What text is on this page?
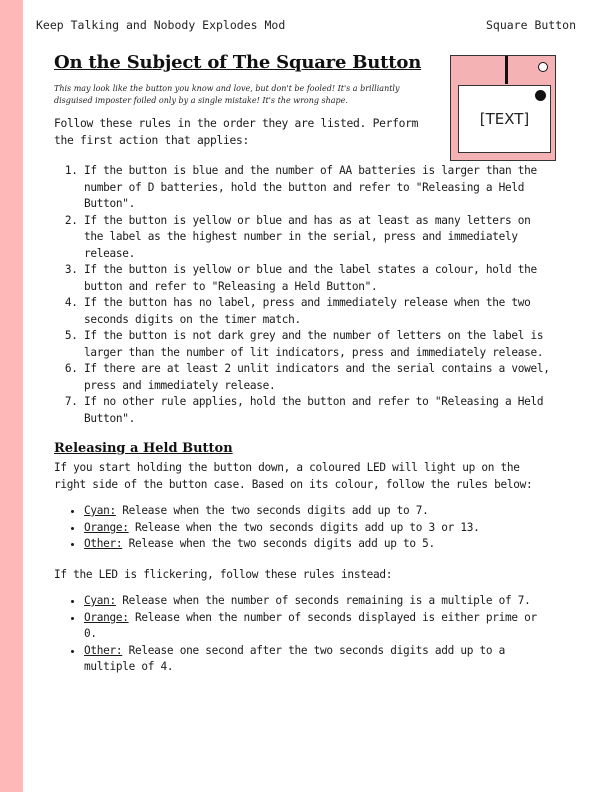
Keep Talking and Nobody Explodes Mod	Square Button
[TEXT]
On the Subject of The Square Button

This may look like the button you know and love, but don't be fooled! It's a brilliantly disguised imposter foiled only by a single mistake! It's the wrong shape.

Follow these rules in the order they are listed. Perform the first action that applies:

1. If the button is blue and the number of AA batteries is larger than the number of D batteries, hold the button and refer to "Releasing a Held Button".
2. If the button is yellow or blue and has as at least as many letters on the label as the highest number in the serial, press and immediately release.
3. If the button is yellow or blue and the label states a colour, hold the button and refer to "Releasing a Held Button".
4. If the button has no label, press and immediately release when the two seconds digits on the timer match.
5. If the button is not dark grey and the number of letters on the label is larger than the number of lit indicators, press and immediately release.
6. If there are at least 2 unlit indicators and the serial contains a vowel, press and immediately release.
7. If no other rule applies, hold the button and refer to "Releasing a Held Button".
Releasing a Held Button

If you start holding the button down, a coloured LED will light up on the right side of the button case. Based on its colour, follow the rules below:

• Cyan: Release when the two seconds digits add up to 7.
• Orange: Release when the two seconds digits add up to 3 or 13.
• Other: Release when the two seconds digits add up to 5.

If the LED is flickering, follow these rules instead:

• Cyan: Release when the number of seconds remaining is a multiple of 7.
• Orange: Release when the number of seconds displayed is either prime or 0.
• Other: Release one second after the two seconds digits add up to a multiple of 4.
